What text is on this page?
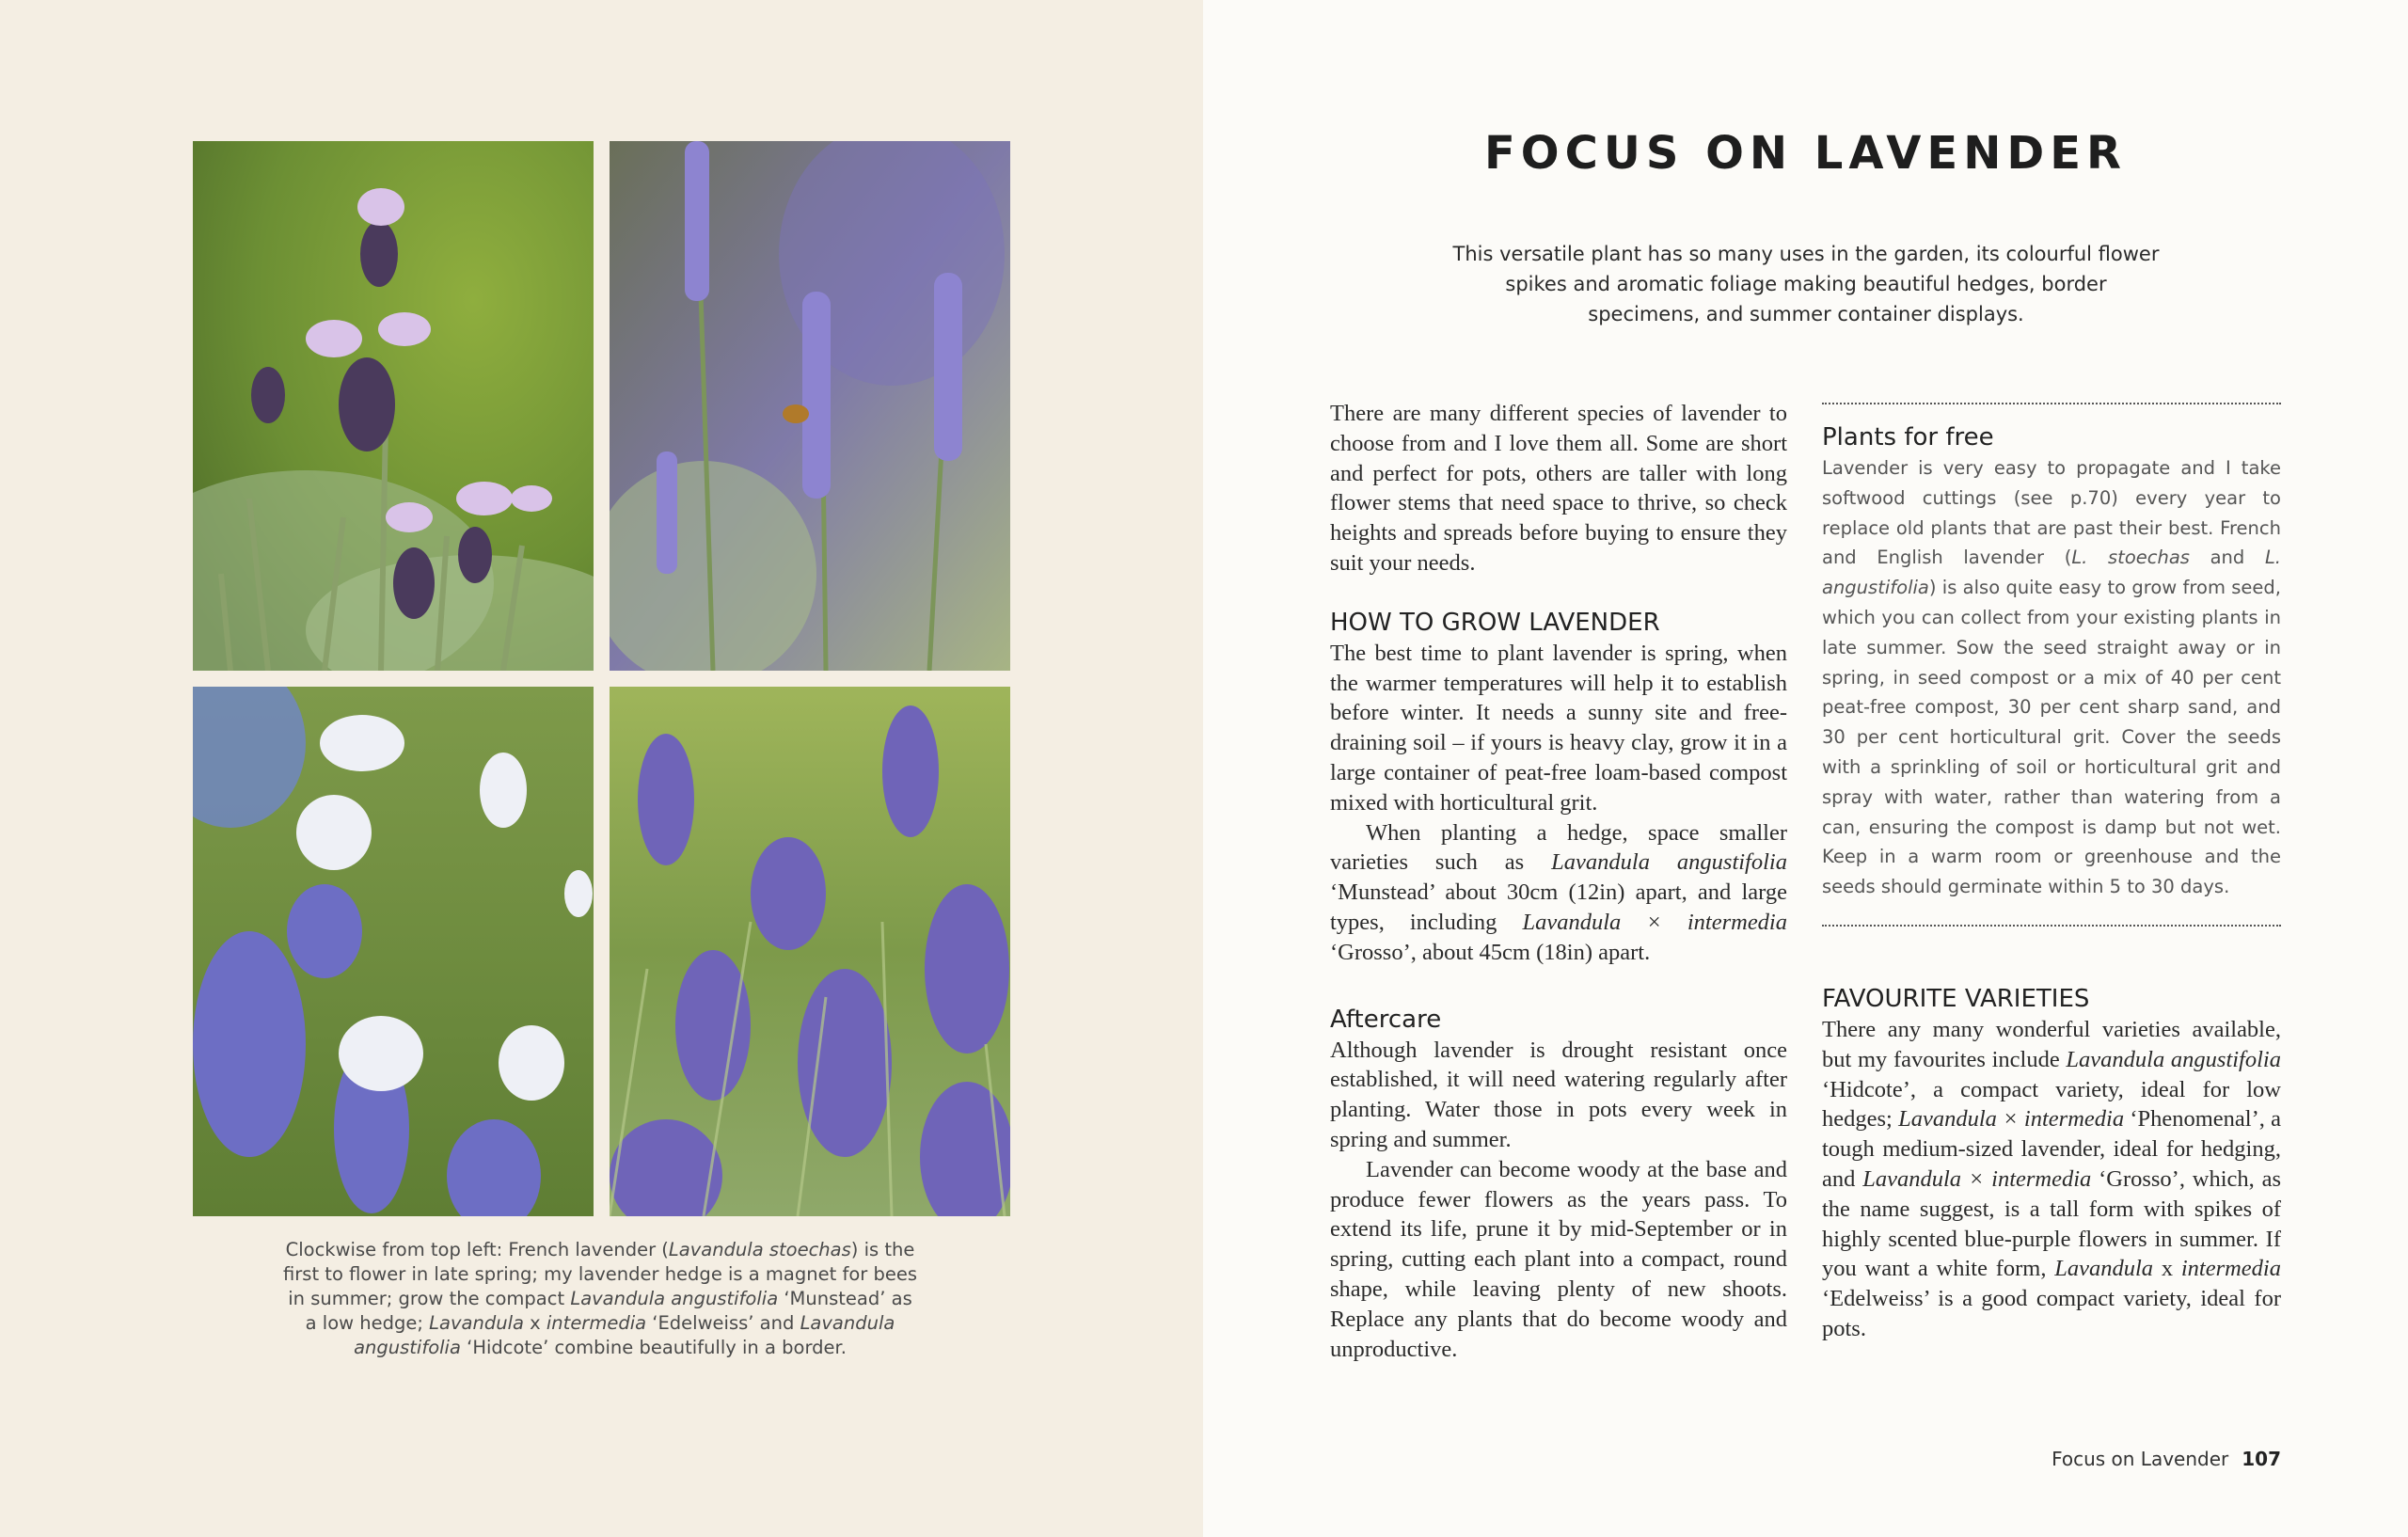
Clockwise from top left: French lavender (Lavandula stoechas) is the first to flower in late spring; my lavender hedge is a magnet for bees in summer; grow the compact Lavandula angustifolia ‘Munstead’ as a low hedge; Lavandula x intermedia ‘Edelweiss’ and Lavandula angustifolia ‘Hidcote’ combine beautifully in a border.
FOCUS ON LAVENDER
This versatile plant has so many uses in the garden, its colourful flower spikes and aromatic foliage making beautiful hedges, border specimens, and summer container displays.

There are many different species of lavender to choose from and I love them all. Some are short and perfect for pots, others are taller with long flower stems that need space to thrive, so check heights and spreads before buying to ensure they suit your needs.

HOW TO GROW LAVENDER

The best time to plant lavender is spring, when the warmer temperatures will help it to establish before winter. It needs a sunny site and free-draining soil – if yours is heavy clay, grow it in a large container of peat-free loam-based compost mixed with horticultural grit.

When planting a hedge, space smaller varieties such as Lavandula angustifolia ‘Munstead’ about 30cm (12in) apart, and large types, including Lavandula × intermedia ‘Grosso’, about 45cm (18in) apart.

Aftercare

Although lavender is drought resistant once established, it will need watering regularly after planting. Water those in pots every week in spring and summer.

Lavender can become woody at the base and produce fewer flowers as the years pass. To extend its life, prune it by mid-September or in spring, cutting each plant into a compact, round shape, while leaving plenty of new shoots. Replace any plants that do become woody and unproductive.

Plants for free

Lavender is very easy to propagate and I take softwood cuttings (see p.70) every year to replace old plants that are past their best. French and English lavender (L. stoechas and L. angustifolia) is also quite easy to grow from seed, which you can collect from your existing plants in late summer. Sow the seed straight away or in spring, in seed compost or a mix of 40 per cent peat-free compost, 30 per cent sharp sand, and 30 per cent horticultural grit. Cover the seeds with a sprinkling of soil or horticultural grit and spray with water, rather than watering from a can, ensuring the compost is damp but not wet. Keep in a warm room or greenhouse and the seeds should germinate within 5 to 30 days.

FAVOURITE VARIETIES

There any many wonderful varieties available, but my favourites include Lavandula angustifolia ‘Hidcote’, a compact variety, ideal for low hedges; Lavandula × intermedia ‘Phenomenal’, a tough medium-sized lavender, ideal for hedging, and Lavandula × intermedia ‘Grosso’, which, as the name suggest, is a tall form with spikes of highly scented blue-purple flowers in summer. If you want a white form, Lavandula x intermedia ‘Edelweiss’ is a good compact variety, ideal for pots.

Focus on Lavender 107
